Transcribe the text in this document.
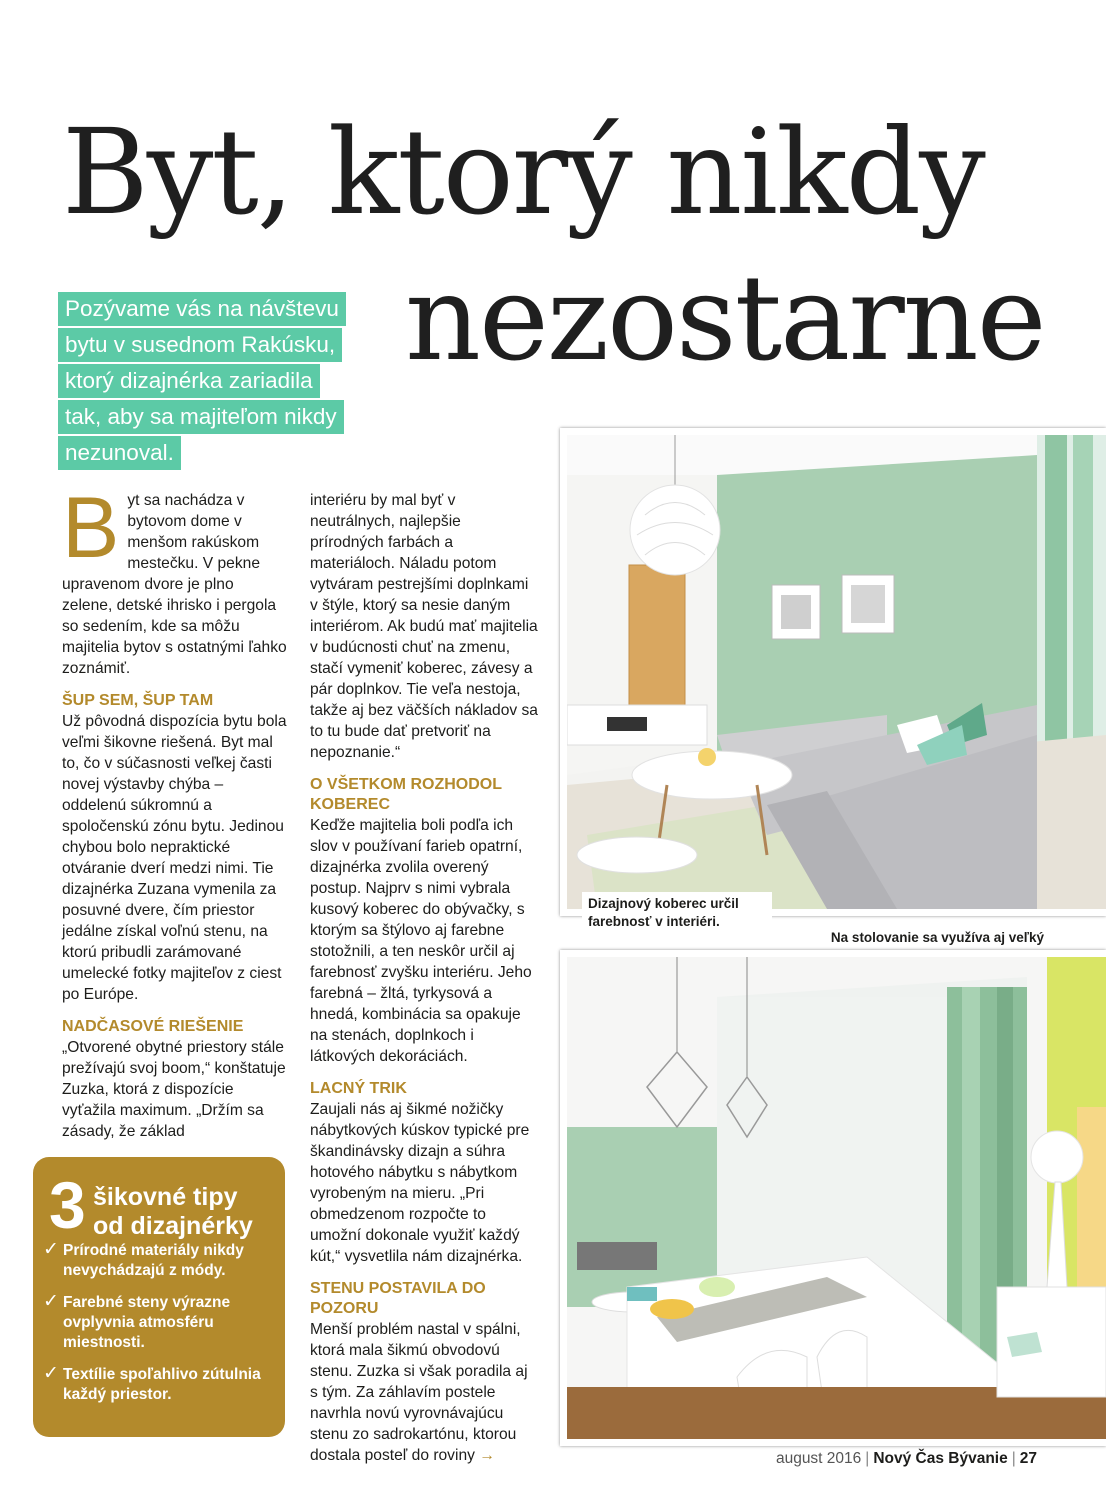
Byt, ktorý nikdy
nezostarne
Pozývame vás na návštevu
bytu v susednom Rakúsku,
ktorý dizajnérka zariadila
tak, aby sa majiteľom nikdy
nezunoval.

Byt sa nachádza v bytovom dome v menšom rakúskom mestečku. V pekne upravenom dvore je plno zelene, detské ihrisko i pergola so sedením, kde sa môžu majitelia bytov s ostatnými ľahko zoznámiť.

ŠUP SEM, ŠUP TAM

Už pôvodná dispozícia bytu bola veľmi šikovne riešená. Byt mal to, čo v súčasnosti veľkej časti novej výstavby chýba – oddelenú súkromnú a spoločenskú zónu bytu. Jedinou chybou bolo nepraktické otváranie dverí medzi nimi. Tie dizajnérka Zuzana vymenila za posuvné dvere, čím priestor jedálne získal voľnú stenu, na ktorú pribudli zarámované umelecké fotky majiteľov z ciest po Európe.

NADČASOVÉ RIEŠENIE

„Otvorené obytné priestory stále prežívajú svoj boom,“ konštatuje Zuzka, ktorá z dispozície vyťažila maximum. „Držím sa zásady, že základ

interiéru by mal byť v neutrálnych, najlepšie prírodných farbách a materiáloch. Náladu potom vytváram pestrejšími doplnkami v štýle, ktorý sa nesie daným interiérom. Ak budú mať majitelia v budúcnosti chuť na zmenu, stačí vymeniť koberec, závesy a pár doplnkov. Tie veľa nestoja, takže aj bez väčších nákladov sa to tu bude dať pretvoriť na nepoznanie.“

O VŠETKOM ROZHODOL KOBEREC

Keďže majitelia boli podľa ich slov v používaní farieb opatrní, dizajnérka zvolila overený postup. Najprv s nimi vybrala kusový koberec do obývačky, s ktorým sa štýlovo aj farebne stotožnili, a ten neskôr určil aj farebnosť zvyšku interiéru. Jeho farebná – žltá, tyrkysová a hnedá, kombinácia sa opakuje na stenách, doplnkoch i látkových dekoráciách.

LACNÝ TRIK

Zaujali nás aj šikmé nožičky nábytkových kúskov typické pre škandinávsky dizajn a súhra hotového nábytku s nábytkom vyrobeným na mieru. „Pri obmedzenom rozpočte to umožní dokonale využiť každý kút,“ vysvetlila nám dizajnérka.

STENU POSTAVILA DO POZORU

Menší problém nastal v spálni, ktorá mala šikmú obvodovú stenu. Zuzka si však poradila aj s tým. Za záhlavím postele navrhla novú vyrovnávajúcu stenu zo sadrokartónu, ktorou dostala posteľ do roviny →

3 šikovné tipy
od dizajnérky
✓ Prírodné materiály nikdy nevychádzajú z módy.
✓ Farebné steny výrazne ovplyvnia atmosféru miestnosti.
✓ Textílie spoľahlivo zútulnia každý priestor.
Dizajnový koberec určil farebnosť v interiéri.
Na stolovanie sa využíva aj veľký
august 2016 | Nový Čas Bývanie | 27
